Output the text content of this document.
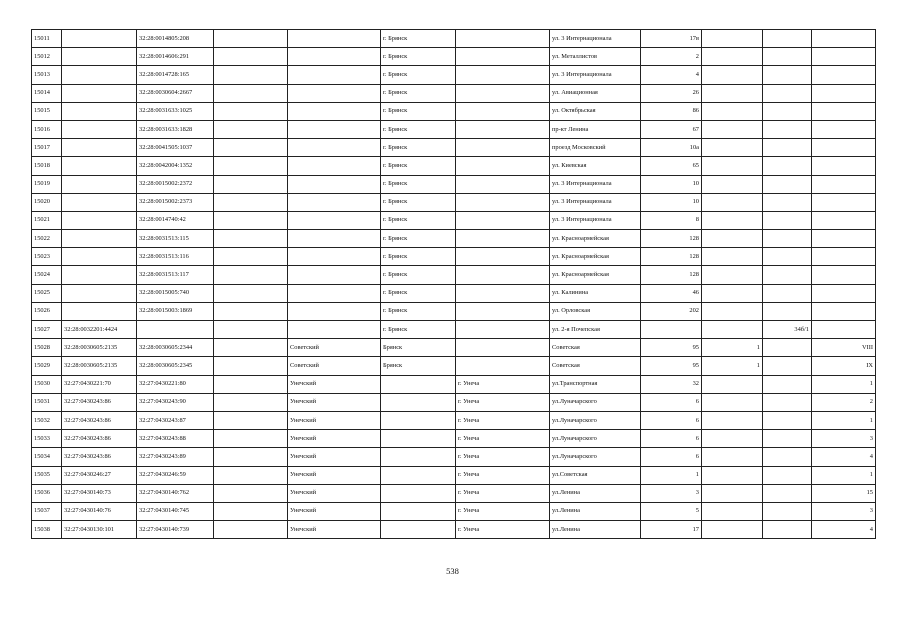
15011		32:28:0014805:208			г. Брянск		ул. 3 Интернационала	17в			
15012		32:28:0014606:291			г. Брянск		ул. Металлистов	2			
15013		32:28:0014728:165			г. Брянск		ул. 3 Интернационала	4			
15014		32:28:0030604:2667			г. Брянск		ул. Авиационная	26			
15015		32:28:0031633:1025			г. Брянск		ул. Октябрьская	86			
15016		32:28:0031633:1828			г. Брянск		пр-кт Ленина	67			
15017		32:28:0041505:1037			г. Брянск		проезд Московский	10а			
15018		32:28:0042004:1352			г. Брянск		ул. Киевская	65			
15019		32:28:0015002:2372			г. Брянск		ул. 3 Интернационала	10			
15020		32:28:0015002:2373			г. Брянск		ул. 3 Интернационала	10			
15021		32:28:0014740:42			г. Брянск		ул. 3 Интернационала	8			
15022		32:28:0031513:115			г. Брянск		ул. Красноармейская	128			
15023		32:28:0031513:116			г. Брянск		ул. Красноармейская	128			
15024		32:28:0031513:117			г. Брянск		ул. Красноармейская	128			
15025		32:28:0015005:740			г. Брянск		ул. Калинина	46			
15026		32:28:0015003:1869			г. Брянск		ул. Орловская	202			
15027	32:28:0032201:4424				г. Брянск		ул. 2-я Почепская			34б/1	
15028	32:28:0030605:2135	32:28:0030605:2344		Советский	Брянск		Советская	95	1		VIII
15029	32:28:0030605:2135	32:28:0030605:2345		Советский	Брянск		Советская	95	1		IX
15030	32:27:0430221:70	32:27:0430221:80		Унечский		г. Унеча	ул.Транспортная	32			1
15031	32:27:0430243:86	32:27:0430243:90		Унечский		г. Унеча	ул.Луначарского	6			2
15032	32:27:0430243:86	32:27:0430243:87		Унечский		г. Унеча	ул.Луначарского	6			1
15033	32:27:0430243:86	32:27:0430243:88		Унечский		г. Унеча	ул.Луначарского	6			3
15034	32:27:0430243:86	32:27:0430243:89		Унечский		г. Унеча	ул.Луначарского	6			4
15035	32:27:0430246:27	32:27:0430246:59		Унечский		г. Унеча	ул.Советская	1			1
15036	32:27:0430140:73	32:27:0430140:762		Унечский		г. Унеча	ул.Ленина	3			15
15037	32:27:0430140:76	32:27:0430140:745		Унечский		г. Унеча	ул.Ленина	5			3
15038	32:27:0430130:101	32:27:0430140:739		Унечский		г. Унеча	ул.Ленина	17			4
538
